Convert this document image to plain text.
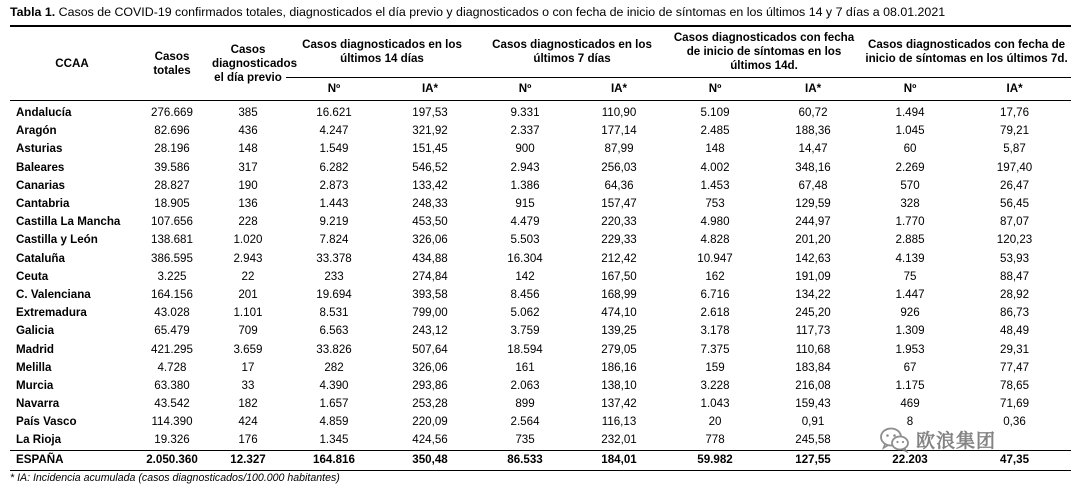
Tabla 1. Casos de COVID-19 confirmados totales, diagnosticados el día previo y diagnosticados o con fecha de inicio de síntomas en los últimos 14 y 7 días a 08.01.2021
CCAA	Casos totales	Casos diagnosticados el día previo	Casos diagnosticados en los últimos 14 días		Casos diagnosticados en los últimos 7 días		Casos diagnosticados con fecha de inicio de síntomas en los últimos 14d.		Casos diagnosticados con fecha de inicio de síntomas en los últimos 7d.	
			Nº	IA*	Nº	IA*	Nº	IA*	Nº	IA*
Andalucía	276.669	385	16.621	197,53	9.331	110,90	5.109	60,72	1.494	17,76
Aragón	82.696	436	4.247	321,92	2.337	177,14	2.485	188,36	1.045	79,21
Asturias	28.196	148	1.549	151,45	900	87,99	148	14,47	60	5,87
Baleares	39.586	317	6.282	546,52	2.943	256,03	4.002	348,16	2.269	197,40
Canarias	28.827	190	2.873	133,42	1.386	64,36	1.453	67,48	570	26,47
Cantabria	18.905	136	1.443	248,33	915	157,47	753	129,59	328	56,45
Castilla La Mancha	107.656	228	9.219	453,50	4.479	220,33	4.980	244,97	1.770	87,07
Castilla y León	138.681	1.020	7.824	326,06	5.503	229,33	4.828	201,20	2.885	120,23
Cataluña	386.595	2.943	33.378	434,88	16.304	212,42	10.947	142,63	4.139	53,93
Ceuta	3.225	22	233	274,84	142	167,50	162	191,09	75	88,47
C. Valenciana	164.156	201	19.694	393,58	8.456	168,99	6.716	134,22	1.447	28,92
Extremadura	43.028	1.101	8.531	799,00	5.062	474,10	2.618	245,20	926	86,73
Galicia	65.479	709	6.563	243,12	3.759	139,25	3.178	117,73	1.309	48,49
Madrid	421.295	3.659	33.826	507,64	18.594	279,05	7.375	110,68	1.953	29,31
Melilla	4.728	17	282	326,06	161	186,16	159	183,84	67	77,47
Murcia	63.380	33	4.390	293,86	2.063	138,10	3.228	216,08	1.175	78,65
Navarra	43.542	182	1.657	253,28	899	137,42	1.043	159,43	469	71,69
País Vasco	114.390	424	4.859	220,09	2.564	116,13	20	0,91	8	0,36
La Rioja	19.326	176	1.345	424,56	735	232,01	778	245,58		
ESPAÑA	2.050.360	12.327	164.816	350,48	86.533	184,01	59.982	127,55	22.203	47,35
* IA: Incidencia acumulada (casos diagnosticados/100.000 habitantes)
欧浪集团
